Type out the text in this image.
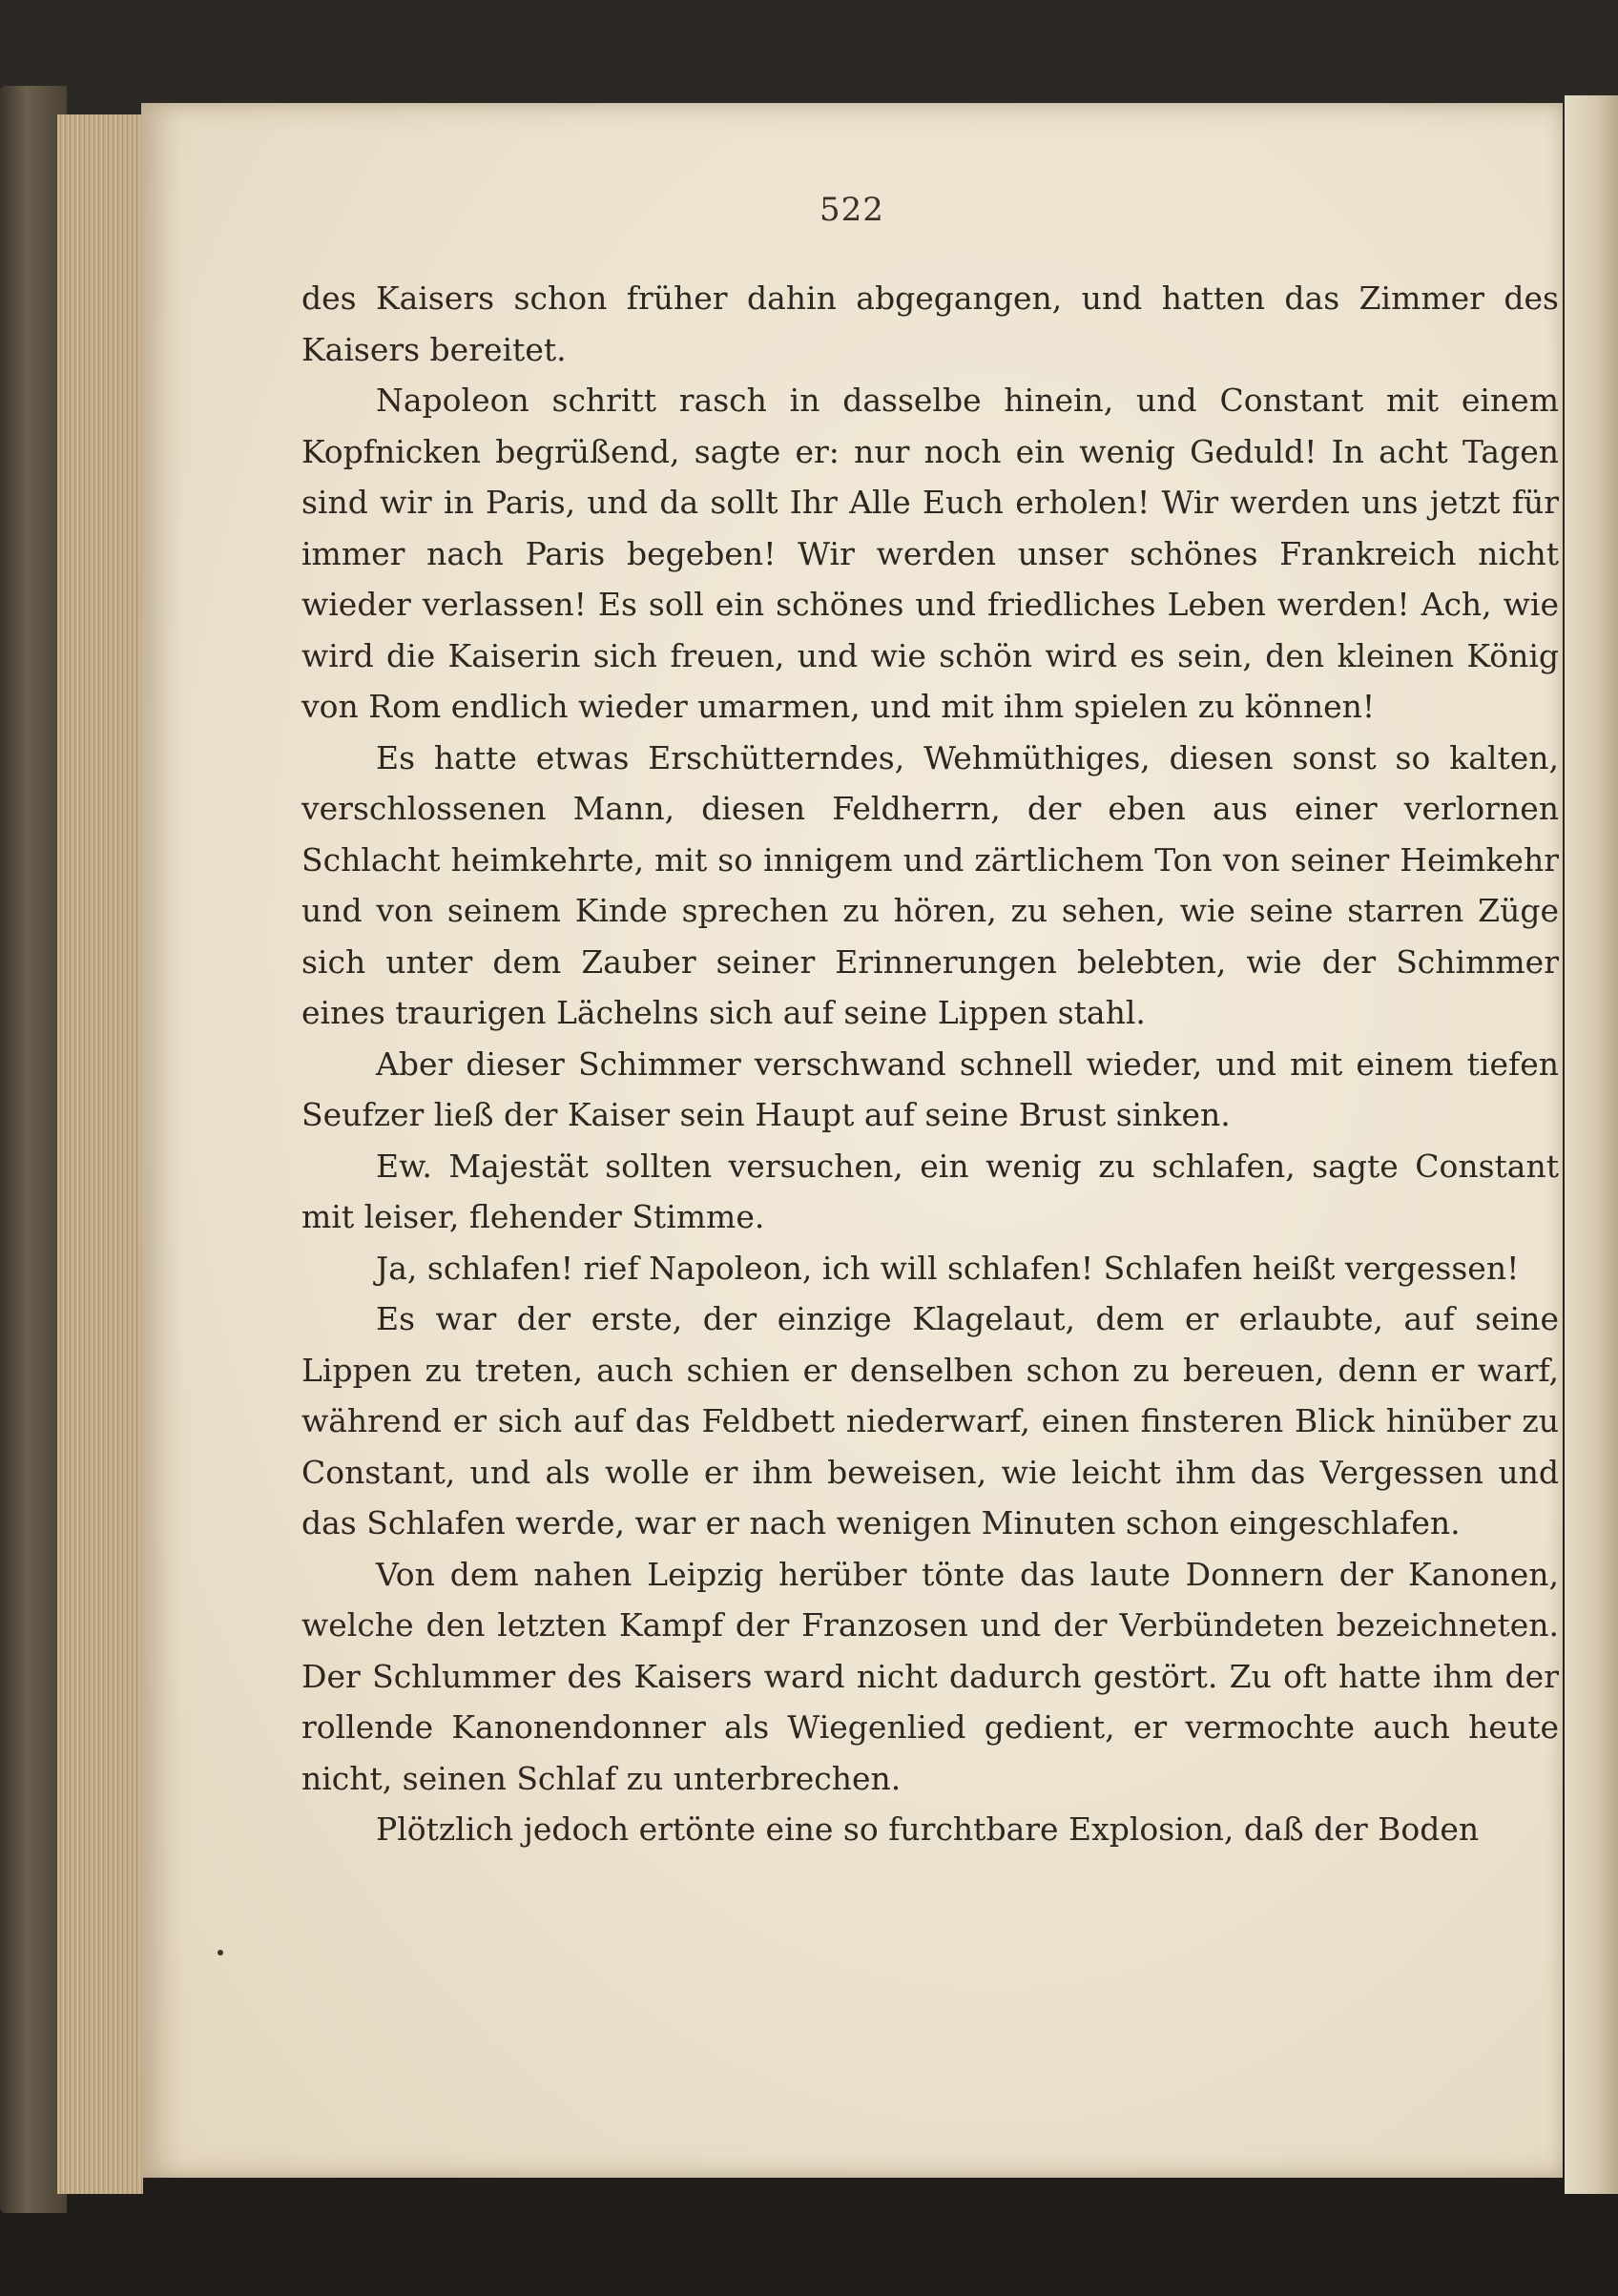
522

des Kaisers schon früher dahin abgegangen, und hatten das Zimmer des Kaisers bereitet.

Napoleon schritt rasch in dasselbe hinein, und Constant mit einem Kopfnicken begrüßend, sagte er: nur noch ein wenig Geduld! In acht Tagen sind wir in Paris, und da sollt Ihr Alle Euch erholen! Wir werden uns jetzt für immer nach Paris begeben! Wir werden unser schönes Frankreich nicht wieder verlassen! Es soll ein schönes und friedliches Leben werden! Ach, wie wird die Kaiserin sich freuen, und wie schön wird es sein, den kleinen König von Rom endlich wieder umarmen, und mit ihm spielen zu können!

Es hatte etwas Erschütterndes, Wehmüthiges, diesen sonst so kalten, verschlossenen Mann, diesen Feldherrn, der eben aus einer verlornen Schlacht heimkehrte, mit so innigem und zärtlichem Ton von seiner Heimkehr und von seinem Kinde sprechen zu hören, zu sehen, wie seine starren Züge sich unter dem Zauber seiner Erinnerungen belebten, wie der Schimmer eines traurigen Lächelns sich auf seine Lippen stahl.

Aber dieser Schimmer verschwand schnell wieder, und mit einem tiefen Seufzer ließ der Kaiser sein Haupt auf seine Brust sinken.

Ew. Majestät sollten versuchen, ein wenig zu schlafen, sagte Constant mit leiser, flehender Stimme.

Ja, schlafen! rief Napoleon, ich will schlafen! Schlafen heißt vergessen!

Es war der erste, der einzige Klagelaut, dem er erlaubte, auf seine Lippen zu treten, auch schien er denselben schon zu bereuen, denn er warf, während er sich auf das Feldbett niederwarf, einen finsteren Blick hinüber zu Constant, und als wolle er ihm beweisen, wie leicht ihm das Vergessen und das Schlafen werde, war er nach wenigen Minuten schon eingeschlafen.

Von dem nahen Leipzig herüber tönte das laute Donnern der Kanonen, welche den letzten Kampf der Franzosen und der Verbündeten bezeichneten. Der Schlummer des Kaisers ward nicht dadurch gestört. Zu oft hatte ihm der rollende Kanonendonner als Wiegenlied gedient, er vermochte auch heute nicht, seinen Schlaf zu unterbrechen.

Plötzlich jedoch ertönte eine so furchtbare Explosion, daß der Boden
